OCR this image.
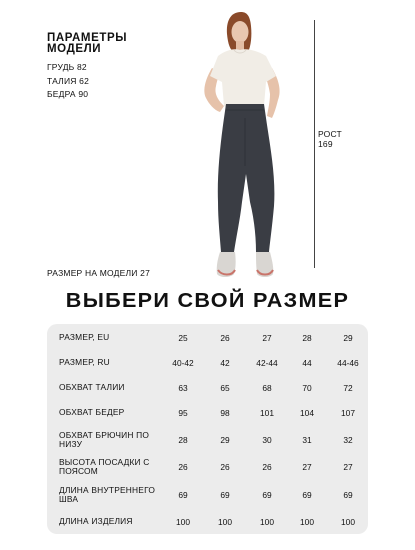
ПАРАМЕТРЫ МОДЕЛИ
ГРУДЬ 82
ТАЛИЯ 62
БЕДРА 90
РОСТ 169
РАЗМЕР НА МОДЕЛИ 27
ВЫБЕРИ СВОЙ РАЗМЕР
РАЗМЕР, EU	25	26	27	28	29
РАЗМЕР, RU	40-42	42	42-44	44	44-46
ОБХВАТ ТАЛИИ	63	65	68	70	72
ОБХВАТ БЕДЕР	95	98	101	104	107
ОБХВАТ БРЮЧИН ПО НИЗУ	28	29	30	31	32
ВЫСОТА ПОСАДКИ С ПОЯСОМ	26	26	26	27	27
ДЛИНА ВНУТРЕННЕГО ШВА	69	69	69	69	69
ДЛИНА ИЗДЕЛИЯ	100	100	100	100	100
